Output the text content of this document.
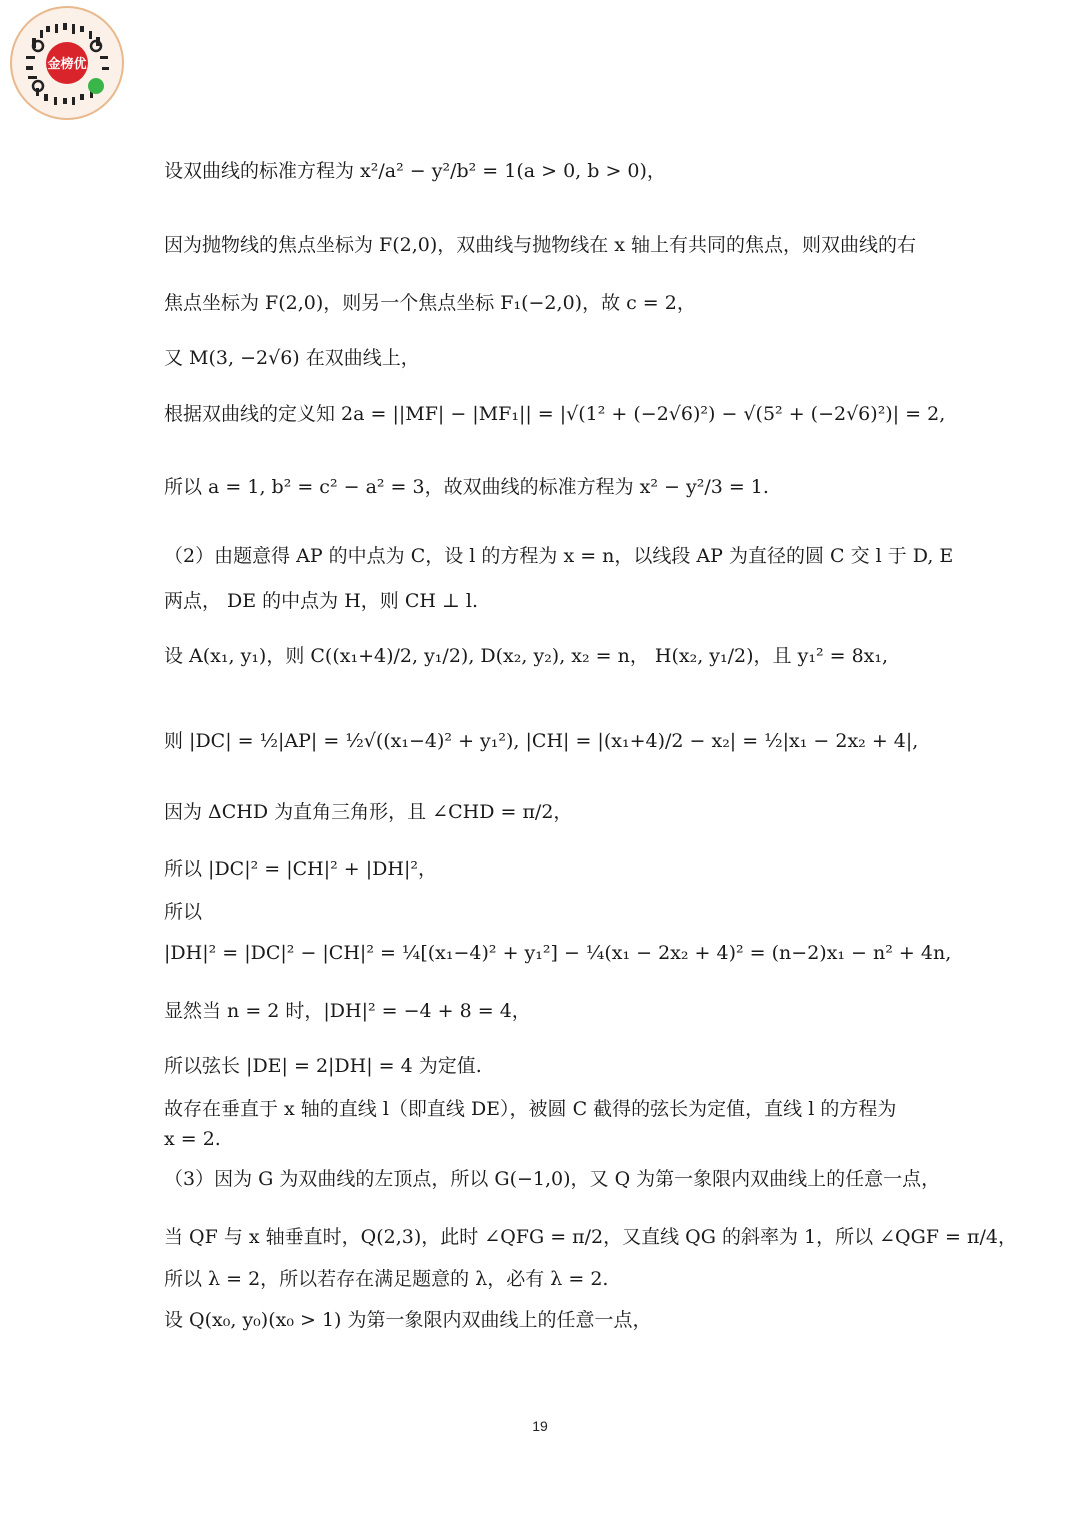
金榜优
设双曲线的标准方程为 x²/a² − y²/b² = 1(a > 0, b > 0)，
因为抛物线的焦点坐标为 F(2,0)，双曲线与抛物线在 x 轴上有共同的焦点，则双曲线的右
焦点坐标为 F(2,0)，则另一个焦点坐标 F₁(−2,0)，故 c = 2，
又 M(3, −2√6) 在双曲线上，
根据双曲线的定义知 2a = ||MF| − |MF₁|| = |√(1² + (−2√6)²) − √(5² + (−2√6)²)| = 2,
所以 a = 1, b² = c² − a² = 3，故双曲线的标准方程为 x² − y²/3 = 1.
（2）由题意得 AP 的中点为 C，设 l 的方程为 x = n，以线段 AP 为直径的圆 C 交 l 于 D, E
两点， DE 的中点为 H，则 CH ⊥ l.
设 A(x₁, y₁)，则 C((x₁+4)/2, y₁/2), D(x₂, y₂), x₂ = n， H(x₂, y₁/2)，且 y₁² = 8x₁,
则 |DC| = ½|AP| = ½√((x₁−4)² + y₁²), |CH| = |(x₁+4)/2 − x₂| = ½|x₁ − 2x₂ + 4|,
因为 ΔCHD 为直角三角形，且 ∠CHD = π/2，
所以 |DC|² = |CH|² + |DH|²，
所以
|DH|² = |DC|² − |CH|² = ¼[(x₁−4)² + y₁²] − ¼(x₁ − 2x₂ + 4)² = (n−2)x₁ − n² + 4n,
显然当 n = 2 时，|DH|² = −4 + 8 = 4，
所以弦长 |DE| = 2|DH| = 4 为定值.
故存在垂直于 x 轴的直线 l（即直线 DE），被圆 C 截得的弦长为定值，直线 l 的方程为
x = 2.
（3）因为 G 为双曲线的左顶点，所以 G(−1,0)，又 Q 为第一象限内双曲线上的任意一点，
当 QF 与 x 轴垂直时，Q(2,3)，此时 ∠QFG = π/2，又直线 QG 的斜率为 1，所以 ∠QGF = π/4，
所以 λ = 2，所以若存在满足题意的 λ，必有 λ = 2.
设 Q(x₀, y₀)(x₀ > 1) 为第一象限内双曲线上的任意一点，
19
